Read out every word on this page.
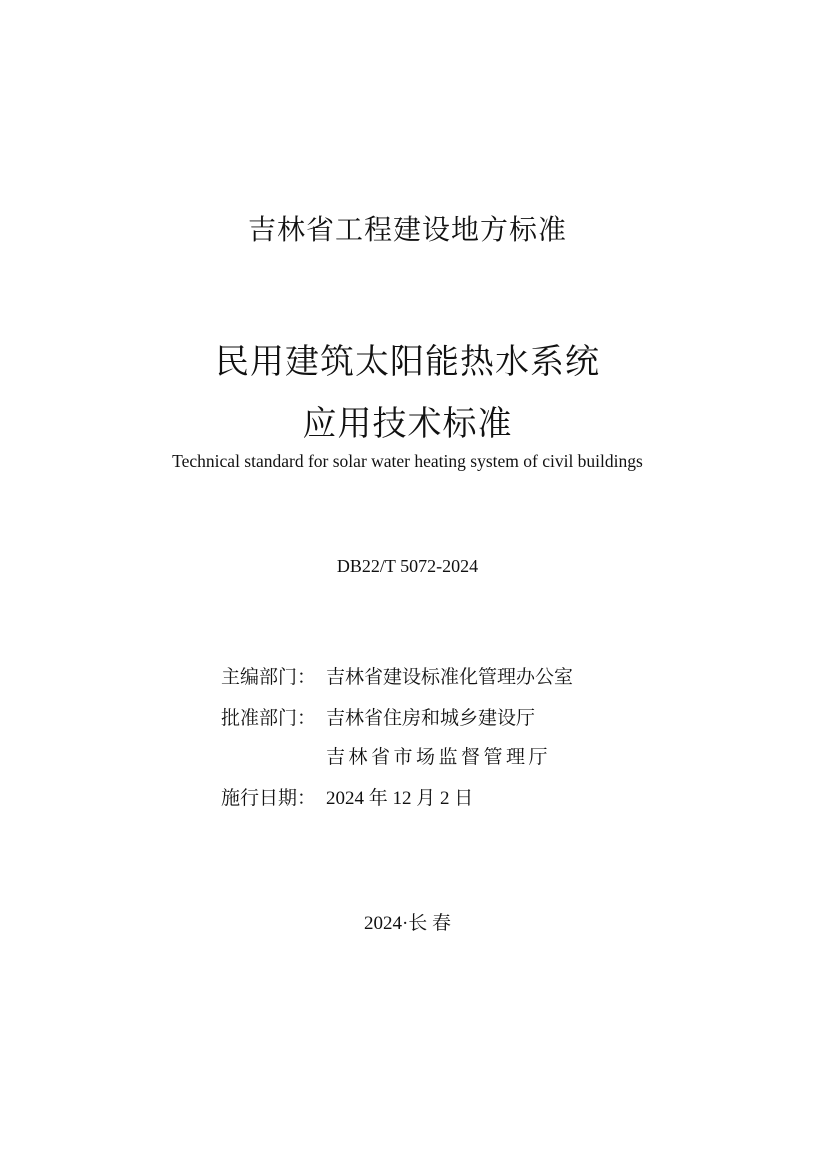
吉林省工程建设地方标准
民用建筑太阳能热水系统
应用技术标准
Technical standard for solar water heating system of civil buildings
DB22/T 5072-2024
主编部门： 吉林省建设标准化管理办公室
批准部门： 吉林省住房和城乡建设厅
吉林省市场监督管理厅
施行日期： 2024 年 12 月 2 日
2024·长 春
